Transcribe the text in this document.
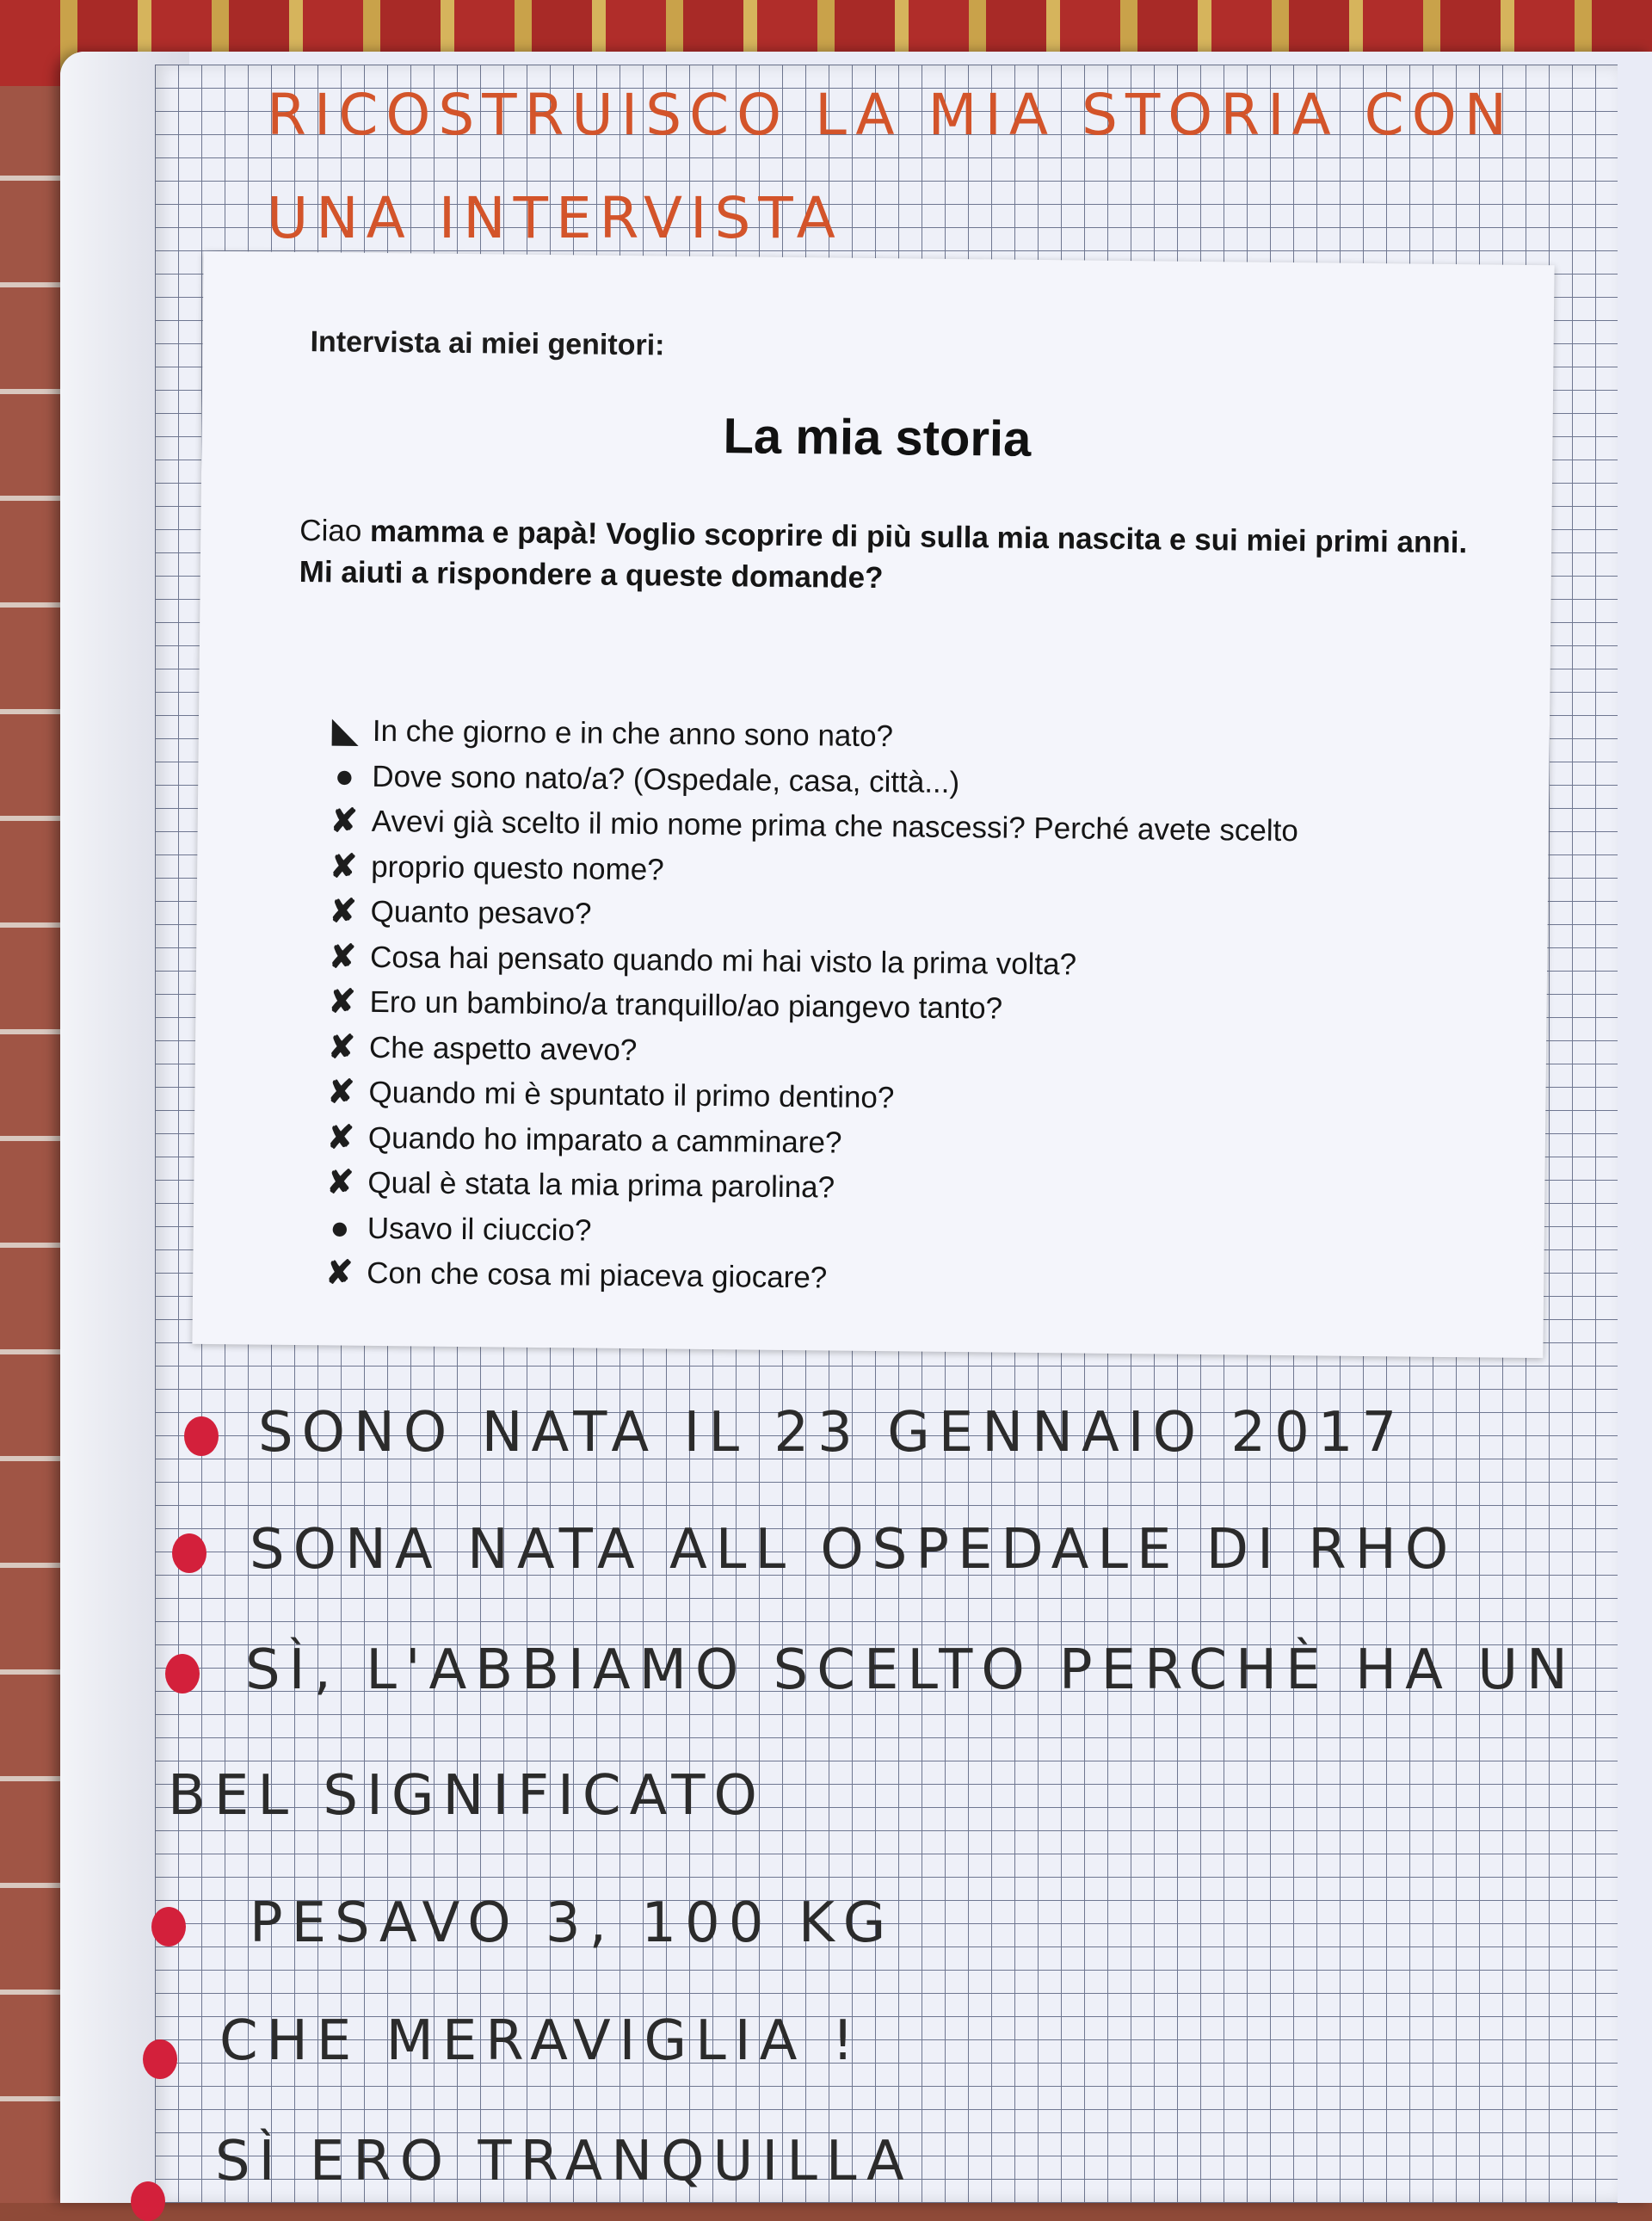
RICOSTRUISCO LA MIA STORIA CON
UNA INTERVISTA
Intervista ai miei genitori:
La mia storia
Ciao mamma e papà! Voglio scoprire di più sulla mia nascita e sui miei primi anni. Mi aiuti a rispondere a queste domande?
◣ In che giorno e in che anno sono nato?
● Dove sono nato/a? (Ospedale, casa, città...)
✘ Avevi già scelto il mio nome prima che nascessi? Perché avete scelto
✘ proprio questo nome?
✘ Quanto pesavo?
✘ Cosa hai pensato quando mi hai visto la prima volta?
✘ Ero un bambino/a tranquillo/ao piangevo tanto?
✘ Che aspetto avevo?
✘ Quando mi è spuntato il primo dentino?
✘ Quando ho imparato a camminare?
✘ Qual è stata la mia prima parolina?
● Usavo il ciuccio?
✘ Con che cosa mi piaceva giocare?
SONO NATA IL 23 GENNAIO 2017
SONA NATA ALL OSPEDALE DI RHO
SÌ, L'ABBIAMO SCELTO PERCHÈ HA UN
BEL SIGNIFICATO
PESAVO 3, 100 KG
CHE MERAVIGLIA !
SÌ ERO TRANQUILLA
